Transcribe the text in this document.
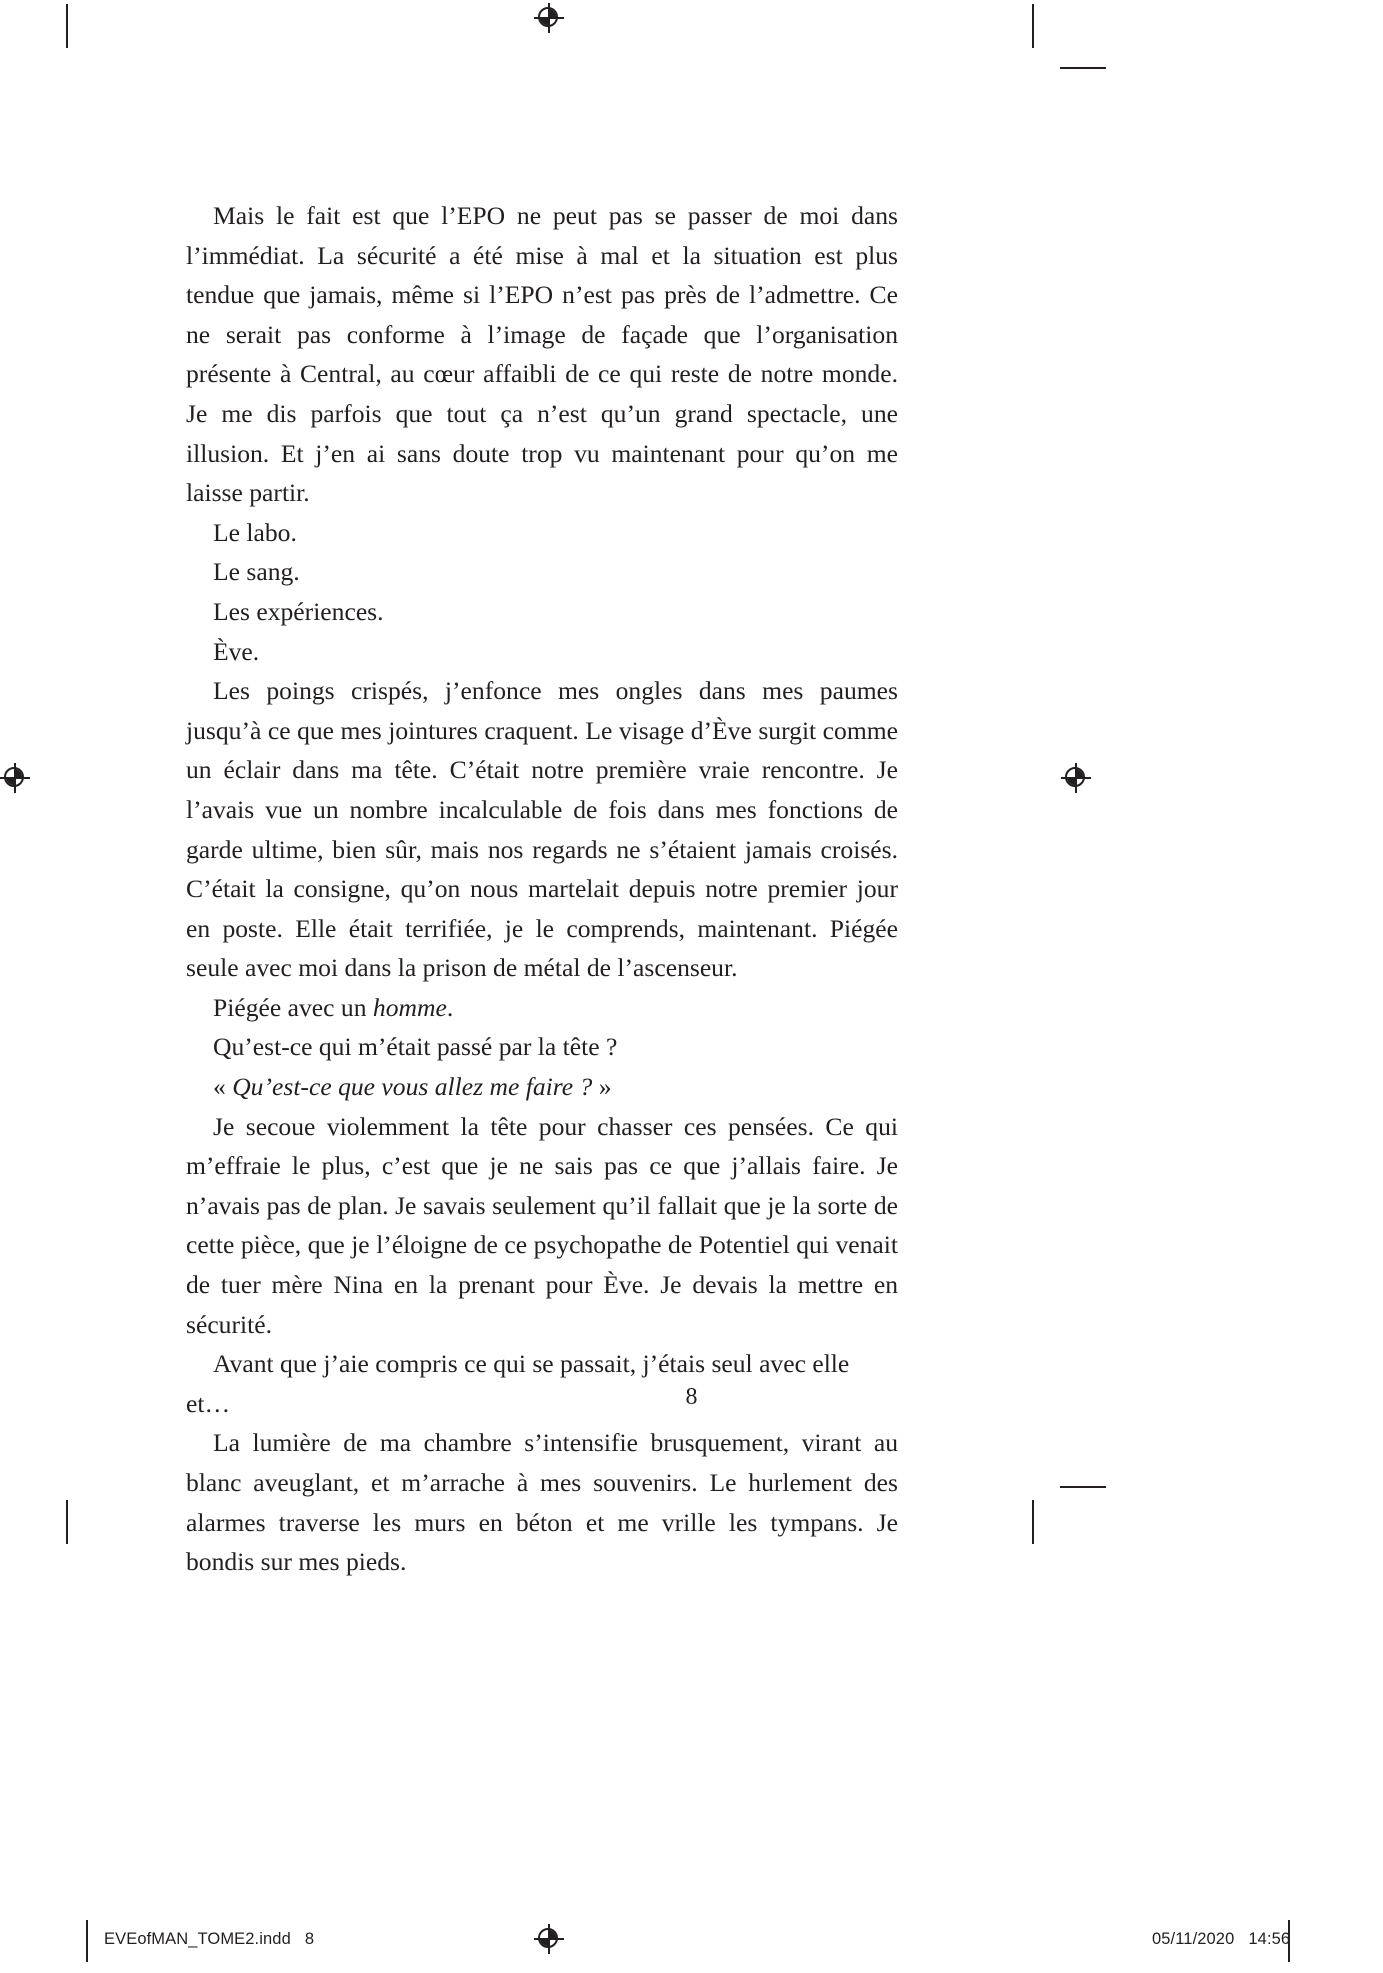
Mais le fait est que l’EPO ne peut pas se passer de moi dans l’immédiat. La sécurité a été mise à mal et la situation est plus tendue que jamais, même si l’EPO n’est pas près de l’admettre. Ce ne serait pas conforme à l’image de façade que l’organisation présente à Central, au cœur affaibli de ce qui reste de notre monde. Je me dis parfois que tout ça n’est qu’un grand spectacle, une illusion. Et j’en ai sans doute trop vu maintenant pour qu’on me laisse partir.

Le labo.

Le sang.

Les expériences.

Ève.

Les poings crispés, j’enfonce mes ongles dans mes paumes jusqu’à ce que mes jointures craquent. Le visage d’Ève surgit comme un éclair dans ma tête. C’était notre première vraie rencontre. Je l’avais vue un nombre incalculable de fois dans mes fonctions de garde ultime, bien sûr, mais nos regards ne s’étaient jamais croisés. C’était la consigne, qu’on nous martelait depuis notre premier jour en poste. Elle était terrifiée, je le comprends, maintenant. Piégée seule avec moi dans la prison de métal de l’ascenseur.

Piégée avec un homme.

Qu’est-ce qui m’était passé par la tête ?

« Qu’est-ce que vous allez me faire ? »

Je secoue violemment la tête pour chasser ces pensées. Ce qui m’effraie le plus, c’est que je ne sais pas ce que j’allais faire. Je n’avais pas de plan. Je savais seulement qu’il fallait que je la sorte de cette pièce, que je l’éloigne de ce psychopathe de Potentiel qui venait de tuer mère Nina en la prenant pour Ève. Je devais la mettre en sécurité.

Avant que j’aie compris ce qui se passait, j’étais seul avec elle et…

La lumière de ma chambre s’intensifie brusquement, virant au blanc aveuglant, et m’arrache à mes souvenirs. Le hurlement des alarmes traverse les murs en béton et me vrille les tympans. Je bondis sur mes pieds.

8
EVEofMAN_TOME2.indd   8	05/11/2020   14:56
